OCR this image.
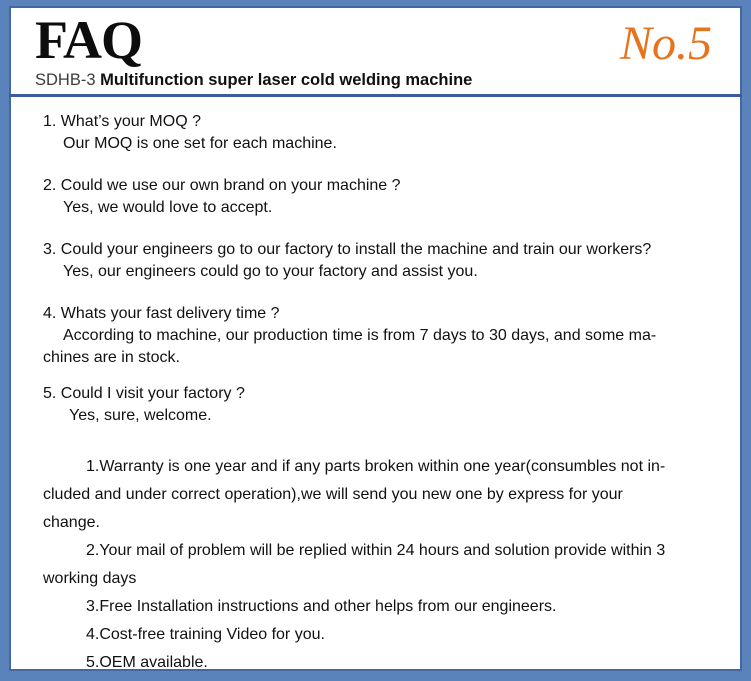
FAQ	No.5
SDHB-3 Multifunction super laser cold welding machine
1. What’s your MOQ ?
Our MOQ is one set for each machine.
2. Could we use our own brand on your machine ?
Yes, we would love to accept.
3. Could your engineers go to our factory to install the machine and train our workers?
Yes, our engineers could go to your factory and assist you.
4. Whats your fast delivery time ?
According to machine, our production time is from 7 days to 30 days, and some ma-
chines are in stock.
5. Could I visit your factory ?
Yes, sure, welcome.
1.Warranty is one year and if any parts broken within one year(consumbles not in-
cluded and under correct operation),we will send you new one by express for your
change.
2.Your mail of problem will be replied within 24 hours and solution provide within 3
working days
3.Free Installation instructions and other helps from our engineers.
4.Cost-free training Video for you.
5.OEM available.
